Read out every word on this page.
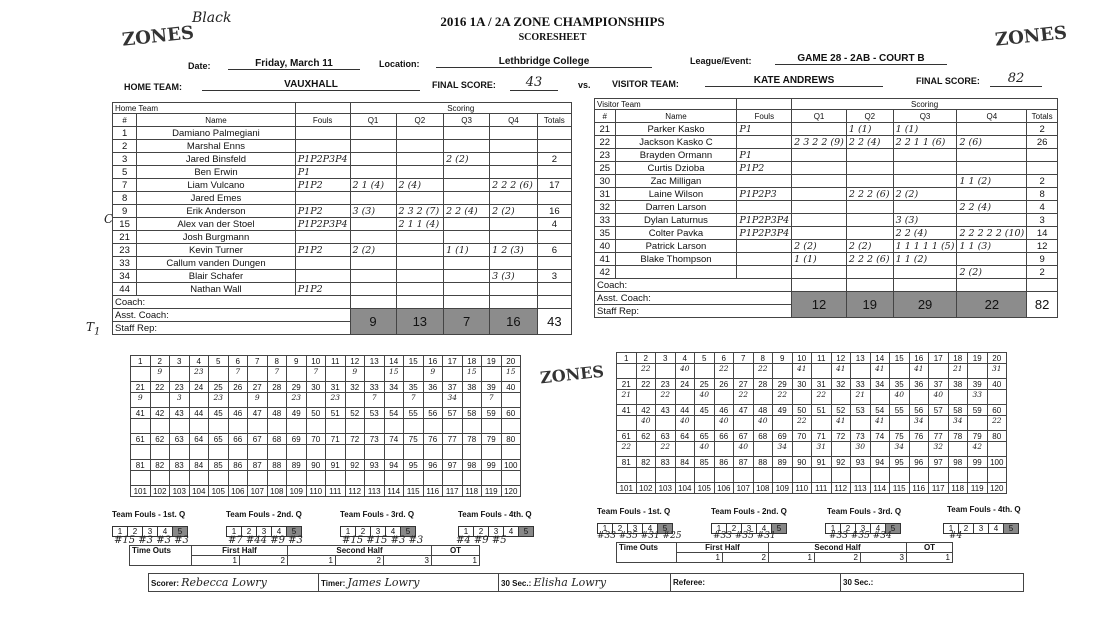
ZONES	ZONES
ZONES
Black	2016 1A / 2A ZONE CHAMPIONSHIPS
SCORESHEET
Date:	Friday, March 11	Location:	Lethbridge College	League/Event:	GAME 28 - 2AB - COURT B
HOME TEAM:	VAUXHALL	FINAL SCORE:	43	vs. VISITOR TEAM:	KATE ANDREWS	FINAL SCORE:	82
C
$T_1$
Home Team			Scoring				
#	Name	Fouls	Q1	Q2	Q3	Q4	Totals
1	Damiano Palmegiani						
2	Marshal Enns						
3	Jared Binsfeld	P1P2P3P4			2 (2)		2
5	Ben Erwin	P1					
7	Liam Vulcano	P1P2	2 1 (4)	2 (4)		2 2 2 (6)	17
8	Jared Emes						
9	Erik Anderson	P1P2	3 (3)	2 3 2 (7)	2 2 (4)	2 (2)	16
15	Alex van der Stoel	P1P2P3P4		2 1 1 (4)			4
21	Josh Burgmann						
23	Kevin Turner	P1P2	2 (2)		1 (1)	1 2 (3)	6
33	Callum vanden Dungen						
34	Blair Schafer					3 (3)	3
44	Nathan Wall	P1P2					
Coach:							
Asst. Coach:			9	13	7	16	43
Staff Rep:							
Visitor Team			Scoring				
#	Name	Fouls	Q1	Q2	Q3	Q4	Totals
21	Parker Kasko	P1		1 (1)	1 (1)		2
22	Jackson Kasko C		2 3 2 2 (9)	2 2 (4)	2 2 1 1 (6)	2 (6)	26
23	Brayden Ormann	P1					
25	Curtis Dzioba	P1P2					
30	Zac Milligan					1 1 (2)	2
31	Laine Wilson	P1P2P3		2 2 2 (6)	2 (2)		8
32	Darren Larson					2 2 (4)	4
33	Dylan Laturnus	P1P2P3P4			3 (3)		3
35	Colter Pavka	P1P2P3P4			2 2 (4)	2 2 2 2 2 (10)	14
40	Patrick Larson		2 (2)	2 (2)	1 1 1 1 1 (5)	1 1 (3)	12
41	Blake Thompson		1 (1)	2 2 2 (6)	1 1 (2)		9
42						2 (2)	2
Coach:							
Asst. Coach:			12	19	29	22	82
Staff Rep:							
1	2	3	4	5	6	7	8	9	10	11	12	13	14	15	16	17	18	19	20
	9		23		7		7		7		9		15		9		15		15
21	22	23	24	25	26	27	28	29	30	31	32	33	34	35	36	37	38	39	40
9		3		23		9		23		23		7		7		34		7	
41	42	43	44	45	46	47	48	49	50	51	52	53	54	55	56	57	58	59	60

61	62	63	64	65	66	67	68	69	70	71	72	73	74	75	76	77	78	79	80

81	82	83	84	85	86	87	88	89	90	91	92	93	94	95	96	97	98	99	100

101	102	103	104	105	106	107	108	109	110	111	112	113	114	115	116	117	118	119	120
1	2	3	4	5	6	7	8	9	10	11	12	13	14	15	16	17	18	19	20
	22		40		22		22		41		41		41		41		21		31
21	22	23	24	25	26	27	28	29	30	31	32	33	34	35	36	37	38	39	40
21		22		40		22		22		22		21		40		40		33	
41	42	43	44	45	46	47	48	49	50	51	52	53	54	55	56	57	58	59	60
	40		40		40		40		22		41		41		34		34		22
61	62	63	64	65	66	67	68	69	70	71	72	73	74	75	76	77	78	79	80
22		22		40		40		34		31		30		34		32		42	
81	82	83	84	85	86	87	88	89	90	91	92	93	94	95	96	97	98	99	100

101	102	103	104	105	106	107	108	109	110	111	112	113	114	115	116	117	118	119	120
Team Fouls - 1st. Q	Team Fouls - 2nd. Q	Team Fouls - 3rd. Q	Team Fouls - 4th. Q
1 2 3 4 5	1 2 3 4 5	1 2 3 4 5	1 2 3 4 5
#15 #3 #3 #3	#7 #44 #9 #3	#15 #15 #3 #3	#4 #9 #5
Team Fouls - 1st. Q	Team Fouls - 2nd. Q	Team Fouls - 3rd. Q	Team Fouls - 4th. Q
1 2 3 4 5	1 2 3 4 5	1 2 3 4 5	1 2 3 4 5
#33 #35 #31 #25	#33 #35 #31	#33 #35 #34	#4
Time Outs	First Half		Second Half			OT
	1	2	1	2	3	1
Time Outs	First Half		Second Half			OT
	1	2	1	2	3	1
Scorer: Rebecca Lowry	Timer: James Lowry	30 Sec.: Elisha Lowry	Referee:	30 Sec.:
